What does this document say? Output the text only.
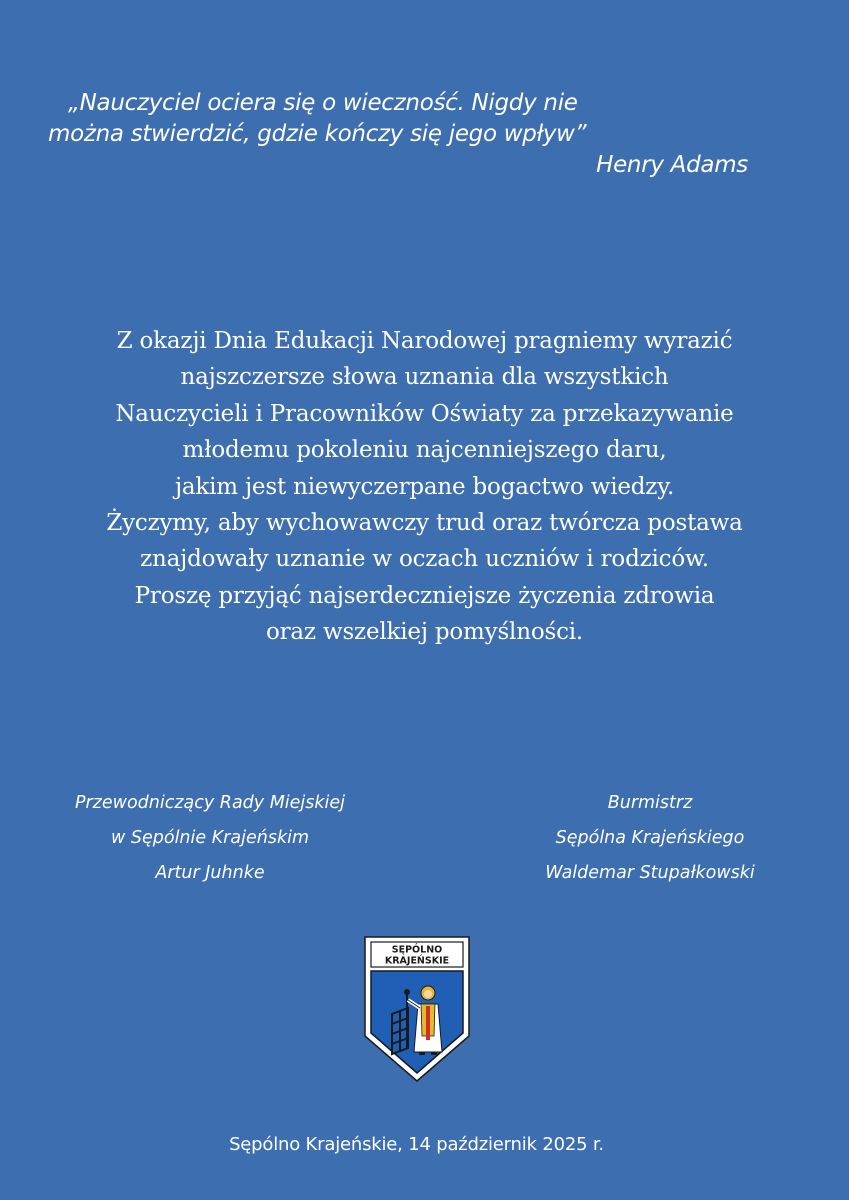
„Nauczyciel ociera się o wieczność. Nigdy nie
można stwierdzić, gdzie kończy się jego wpływ”
Henry Adams
Z okazji Dnia Edukacji Narodowej pragniemy wyrazić
najszczersze słowa uznania dla wszystkich
Nauczycieli i Pracowników Oświaty za przekazywanie
młodemu pokoleniu najcenniejszego daru,
jakim jest niewyczerpane bogactwo wiedzy.
Życzymy, aby wychowawczy trud oraz twórcza postawa
znajdowały uznanie w oczach uczniów i rodziców.
Proszę przyjąć najserdeczniejsze życzenia zdrowia
oraz wszelkiej pomyślności.
Przewodniczący Rady Miejskiej
w Sępólnie Krajeńskim
Artur Juhnke
Burmistrz
Sępólna Krajeńskiego
Waldemar Stupałkowski
SĘPÓLNO
KRAJEŃSKIE
Sępólno Krajeńskie, 14 październik 2025 r.
